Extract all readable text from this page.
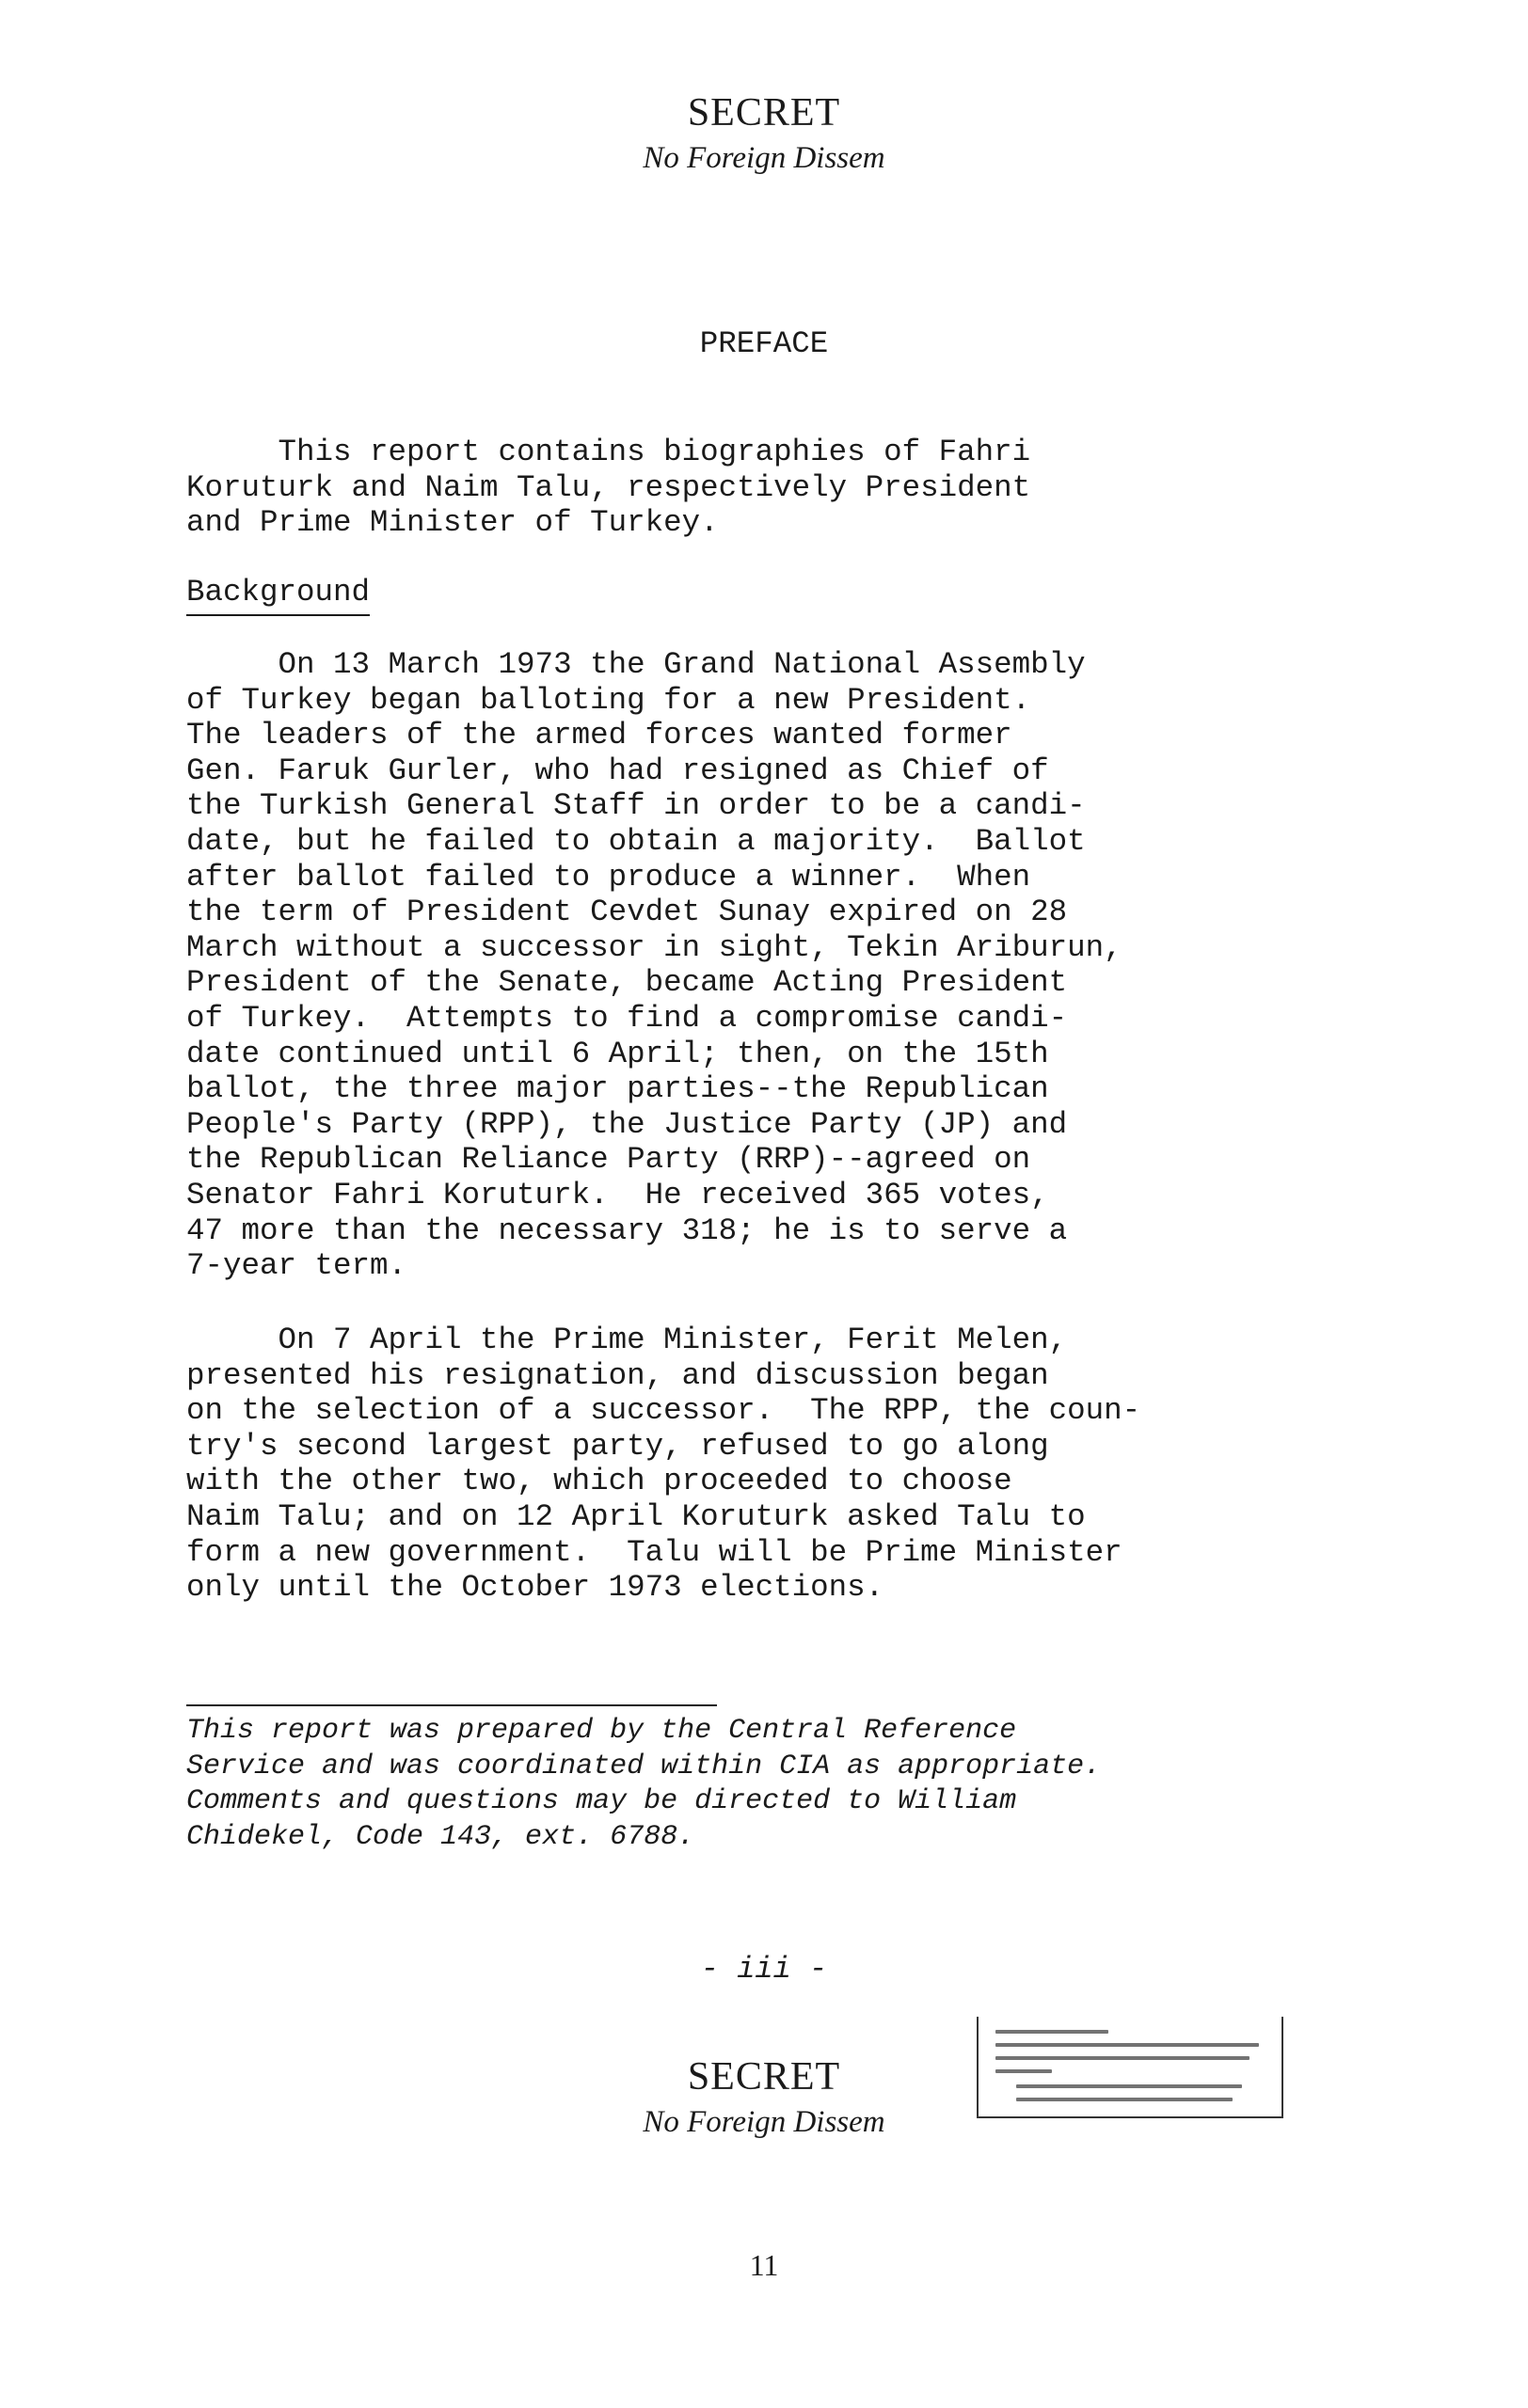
SECRET
No Foreign Dissem
PREFACE
This report contains biographies of Fahri
Koruturk and Naim Talu, respectively President
and Prime Minister of Turkey.
Background
On 13 March 1973 the Grand National Assembly
of Turkey began balloting for a new President.
The leaders of the armed forces wanted former
Gen. Faruk Gurler, who had resigned as Chief of
the Turkish General Staff in order to be a candi-
date, but he failed to obtain a majority.  Ballot
after ballot failed to produce a winner.  When
the term of President Cevdet Sunay expired on 28
March without a successor in sight, Tekin Ariburun,
President of the Senate, became Acting President
of Turkey.  Attempts to find a compromise candi-
date continued until 6 April; then, on the 15th
ballot, the three major parties--the Republican
People's Party (RPP), the Justice Party (JP) and
the Republican Reliance Party (RRP)--agreed on
Senator Fahri Koruturk.  He received 365 votes,
47 more than the necessary 318; he is to serve a
7-year term.
On 7 April the Prime Minister, Ferit Melen,
presented his resignation, and discussion began
on the selection of a successor.  The RPP, the coun-
try's second largest party, refused to go along
with the other two, which proceeded to choose
Naim Talu; and on 12 April Koruturk asked Talu to
form a new government.  Talu will be Prime Minister
only until the October 1973 elections.
This report was prepared by the Central Reference
Service and was coordinated within CIA as appropriate.
Comments and questions may be directed to William
Chidekel, Code 143, ext. 6788.
- iii -
SECRET
No Foreign Dissem
11
